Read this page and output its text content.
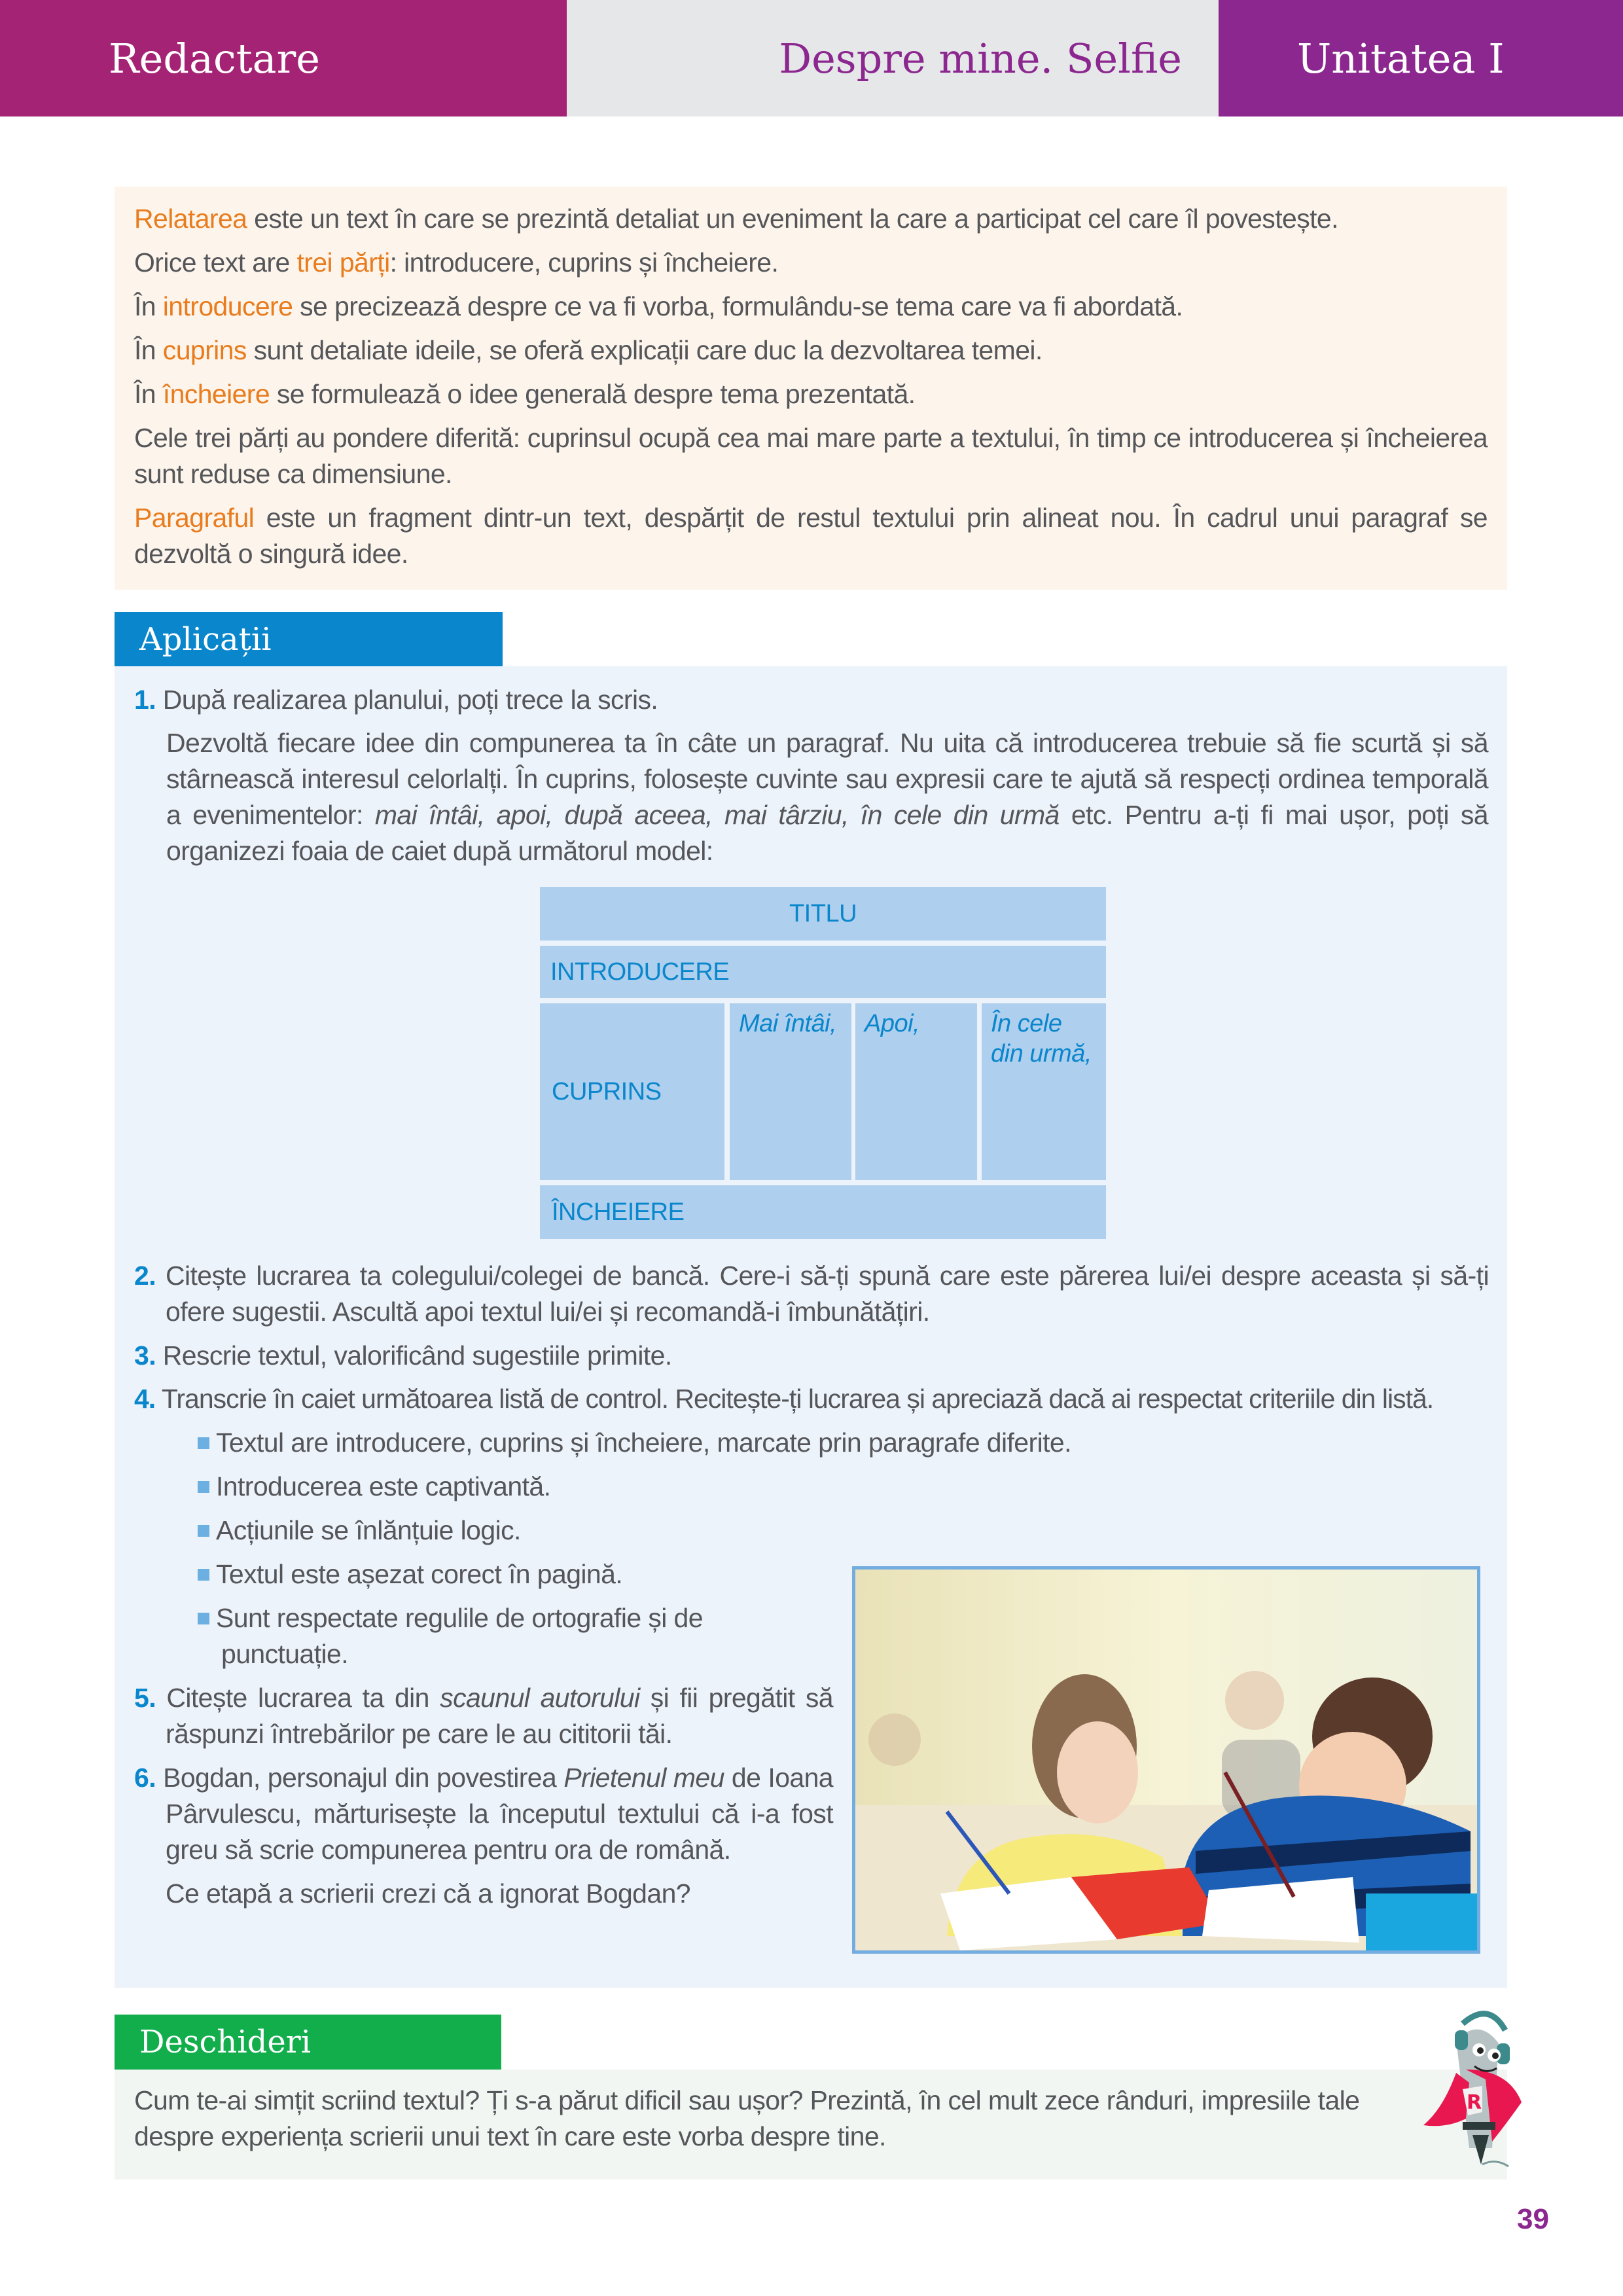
Redactare	Despre mine. Selfie	Unitatea I

Relatarea este un text în care se prezintă detaliat un eveniment la care a participat cel care îl povestește.

Orice text are trei părți: introducere, cuprins și încheiere.

În introducere se precizează despre ce va fi vorba, formulându-se tema care va fi abordată.

În cuprins sunt detaliate ideile, se oferă explicații care duc la dezvoltarea temei.

În încheiere se formulează o idee generală despre tema prezentată.

Cele trei părți au pondere diferită: cuprinsul ocupă cea mai mare parte a textului, în timp ce introducerea și încheierea sunt reduse ca dimensiune.

Paragraful este un fragment dintr-un text, despărțit de restul textului prin alineat nou. În cadrul unui paragraf se dezvoltă o singură idee.

Aplicații
1. După realizarea planului, poți trece la scris.
Dezvoltă fiecare idee din compunerea ta în câte un paragraf. Nu uita că introducerea trebuie să fie scurtă și să stârnească interesul celorlalți. În cuprins, folosește cuvinte sau expresii care te ajută să respecți ordinea temporală a evenimentelor: mai întâi, apoi, după aceea, mai târziu, în cele din urmă etc. Pentru a-ți fi mai ușor, poți să organizezi foaia de caiet după următorul model:
TITLU
INTRODUCERE
CUPRINS
Mai întâi,	Apoi,	În cele din urmă,
ÎNCHEIERE
2. Citește lucrarea ta colegului/colegei de bancă. Cere-i să-ți spună care este părerea lui/ei despre aceasta și să-ți ofere sugestii. Ascultă apoi textul lui/ei și recomandă-i îmbunătățiri.
3. Rescrie textul, valorificând sugestiile primite.
4. Transcrie în caiet următoarea listă de control. Recitește-ți lucrarea și apreciază dacă ai respectat criteriile din listă.
Textul are introducere, cuprins și încheiere, marcate prin paragrafe diferite.
Introducerea este captivantă.
Acțiunile se înlănțuie logic.
Textul este așezat corect în pagină.
Sunt respectate regulile de ortografie și de punctuație.
5. Citește lucrarea ta din scaunul autorului și fii pregătit să răspunzi întrebărilor pe care le au cititorii tăi.
6. Bogdan, personajul din povestirea Prietenul meu de Ioana Pârvulescu, mărturisește la începutul textului că i-a fost greu să scrie compunerea pentru ora de română.
Ce etapă a scrierii crezi că a ignorat Bogdan?
Deschideri
Cum te-ai simțit scriind textul? Ți s-a părut dificil sau ușor? Prezintă, în cel mult zece rânduri, impresiile tale despre experiența scrierii unui text în care este vorba despre tine.
R
39
